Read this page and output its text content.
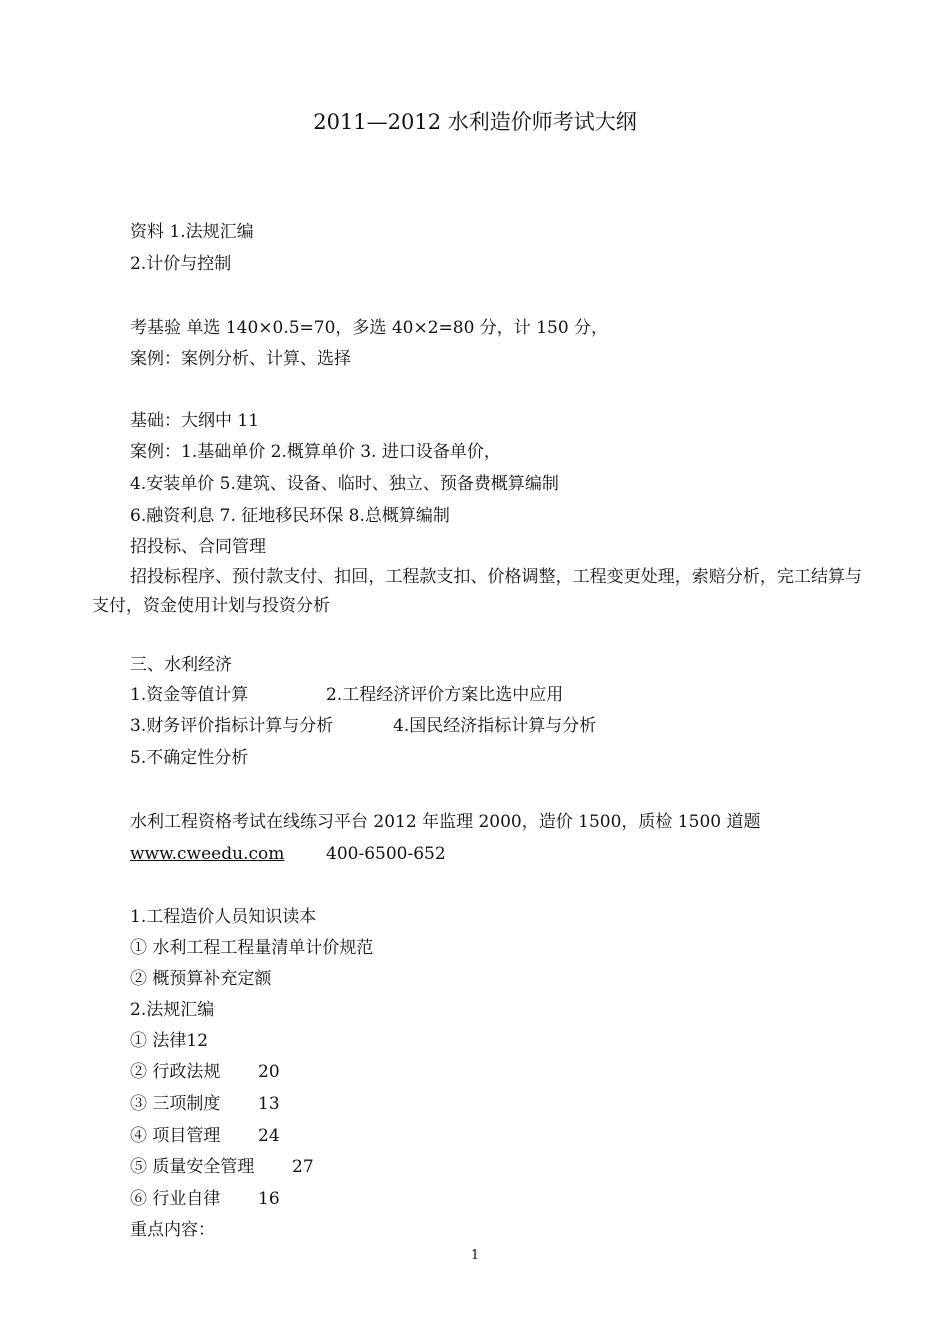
2011—2012 水利造价师考试大纲
资料 1.法规汇编
2.计价与控制
考基验 单选 140×0.5=70，多选 40×2=80 分，计 150 分，
案例：案例分析、计算、选择
基础：大纲中 11
案例：1.基础单价 2.概算单价 3. 进口设备单价，
4.安装单价 5.建筑、设备、临时、独立、预备费概算编制
6.融资利息 7. 征地移民环保 8.总概算编制
招投标、合同管理
招投标程序、预付款支付、扣回，工程款支扣、价格调整，工程变更处理，索赔分析，完工结算与支付，资金使用计划与投资分析
三、水利经济
1.资金等值计算	2.工程经济评价方案比选中应用
3.财务评价指标计算与分析	4.国民经济指标计算与分析
5.不确定性分析
水利工程资格考试在线练习平台 2012 年监理 2000，造价 1500，质检 1500 道题
www.cweedu.com 400-6500-652
1.工程造价人员知识读本
① 水利工程工程量清单计价规范
② 概预算补充定额
2.法规汇编
① 法律12
② 行政法规 20
③ 三项制度 13
④ 项目管理 24
⑤ 质量安全管理 27
⑥ 行业自律 16
重点内容：
1
